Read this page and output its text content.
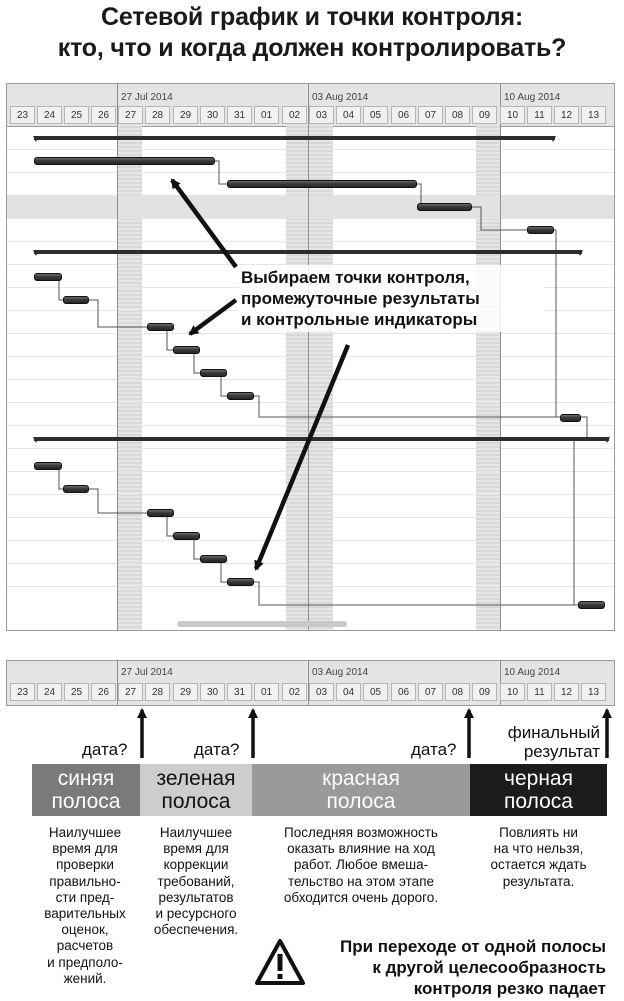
Сетевой график и точки контроля:
кто, что и когда должен контролировать?
27 Jul 2014	03 Aug 2014	10 Aug 2014
23	24	25	26	27	28	29	30	31	01	02	03	04	05	06	07	08	09	10	11	12	13
Выбираем точки контроля,
промежуточные результаты
и контрольные индикаторы
27 Jul 2014	03 Aug 2014	10 Aug 2014
23	24	25	26	27	28	29	30	31	01	02	03	04	05	06	07	08	09	10	11	12	13
дата?	дата?	дата?
финальный
результат
синяя
полоса
зеленая
полоса
красная
полоса
черная
полоса
Наилучшее
время для
проверки
правильно-
сти пред-
варительных
оценок,
расчетов
и предполо-
жений.
Наилучшее
время для
коррекции
требований,
результатов
и ресурсного
обеспечения.
Последняя возможность
оказать влияние на ход
работ. Любое вмеша-
тельство на этом этапе
обходится очень дорого.
Повлиять ни
на что нельзя,
остается ждать
результата.
При переходе от одной полосы
к другой целесообразность
контроля резко падает
